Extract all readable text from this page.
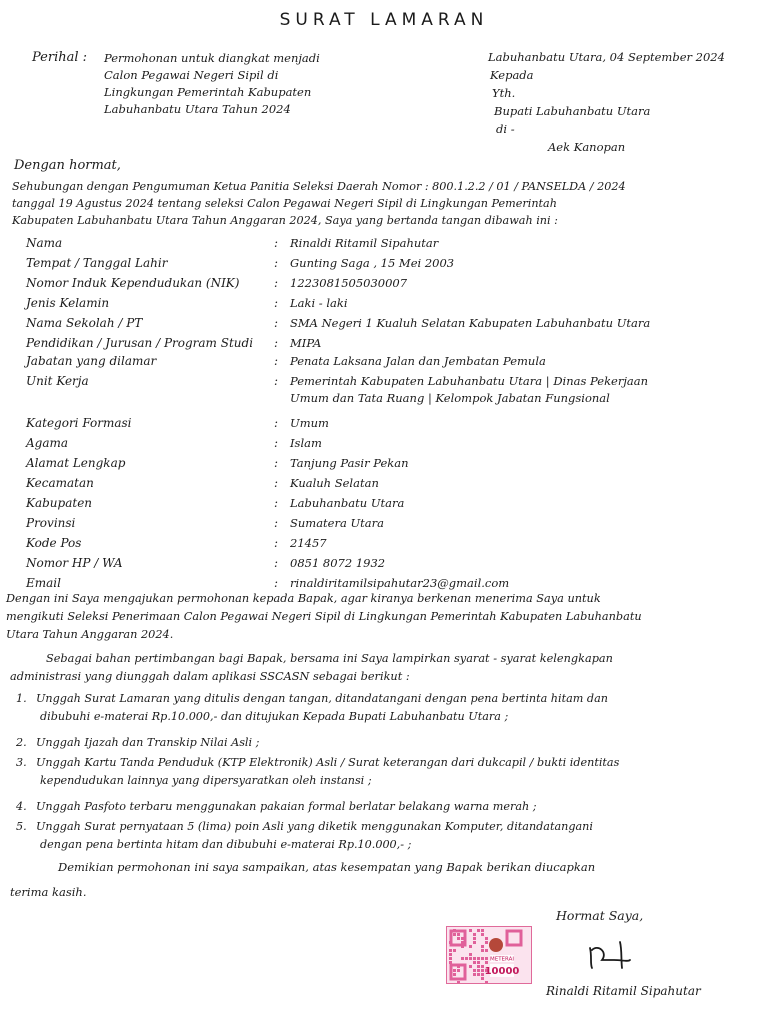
SURAT LAMARAN
Perihal : Permohonan untuk diangkat menjadi
Calon Pegawai Negeri Sipil di
Lingkungan Pemerintah Kabupaten
Labuhanbatu Utara Tahun 2024
Labuhanbatu Utara, 04 September 2024
Kepada
Yth.
Bupati Labuhanbatu Utara
di -
Aek Kanopan
Dengan hormat,
Sehubungan dengan Pengumuman Ketua Panitia Seleksi Daerah Nomor : 800.1.2.2 / 01 / PANSELDA / 2024
tanggal 19 Agustus 2024 tentang seleksi Calon Pegawai Negeri Sipil di Lingkungan Pemerintah
Kabupaten Labuhanbatu Utara Tahun Anggaran 2024, Saya yang bertanda tangan dibawah ini :
Nama	: Rinaldi Ritamil Sipahutar
Tempat / Tanggal Lahir	: Gunting Saga , 15 Mei 2003
Nomor Induk Kependudukan (NIK)	: 1223081505030007
Jenis Kelamin	: Laki - laki
Nama Sekolah / PT	: SMA Negeri 1 Kualuh Selatan Kabupaten Labuhanbatu Utara
Pendidikan / Jurusan / Program Studi : MIPA
Jabatan yang dilamar	: Penata Laksana Jalan dan Jembatan Pemula
Unit Kerja	: Pemerintah Kabupaten Labuhanbatu Utara | Dinas Pekerjaan
Umum dan Tata Ruang | Kelompok Jabatan Fungsional
Kategori Formasi	: Umum
Agama	: Islam
Alamat Lengkap	: Tanjung Pasir Pekan
Kecamatan	: Kualuh Selatan
Kabupaten	: Labuhanbatu Utara
Provinsi	: Sumatera Utara
Kode Pos	: 21457
Nomor HP / WA	: 0851 8072 1932
Email	: rinaldiritamilsipahutar23@gmail.com
Dengan ini Saya mengajukan permohonan kepada Bapak, agar kiranya berkenan menerima Saya untuk
mengikuti Seleksi Penerimaan Calon Pegawai Negeri Sipil di Lingkungan Pemerintah Kabupaten Labuhanbatu
Utara Tahun Anggaran 2024.
Sebagai bahan pertimbangan bagi Bapak, bersama ini Saya lampirkan syarat - syarat kelengkapan
administrasi yang diunggah dalam aplikasi SSCASN sebagai berikut :
1. Unggah Surat Lamaran yang ditulis dengan tangan, ditandatangani dengan pena bertinta hitam dan
dibubuhi e-materai Rp.10.000,- dan ditujukan Kepada Bupati Labuhanbatu Utara ;
2. Unggah Ijazah dan Transkip Nilai Asli ;
3. Unggah Kartu Tanda Penduduk (KTP Elektronik) Asli / Surat keterangan dari dukcapil / bukti identitas
kependudukan lainnya yang dipersyaratkan oleh instansi ;
4. Unggah Pasfoto terbaru menggunakan pakaian formal berlatar belakang warna merah ;
5. Unggah Surat pernyataan 5 (lima) poin Asli yang diketik menggunakan Komputer, ditandatangani
dengan pena bertinta hitam dan dibubuhi e-materai Rp.10.000,- ;
Demikian permohonan ini saya sampaikan, atas kesempatan yang Bapak berikan diucapkan
terima kasih.
Hormat Saya,
METERAI
10000
Rinaldi Ritamil Sipahutar
